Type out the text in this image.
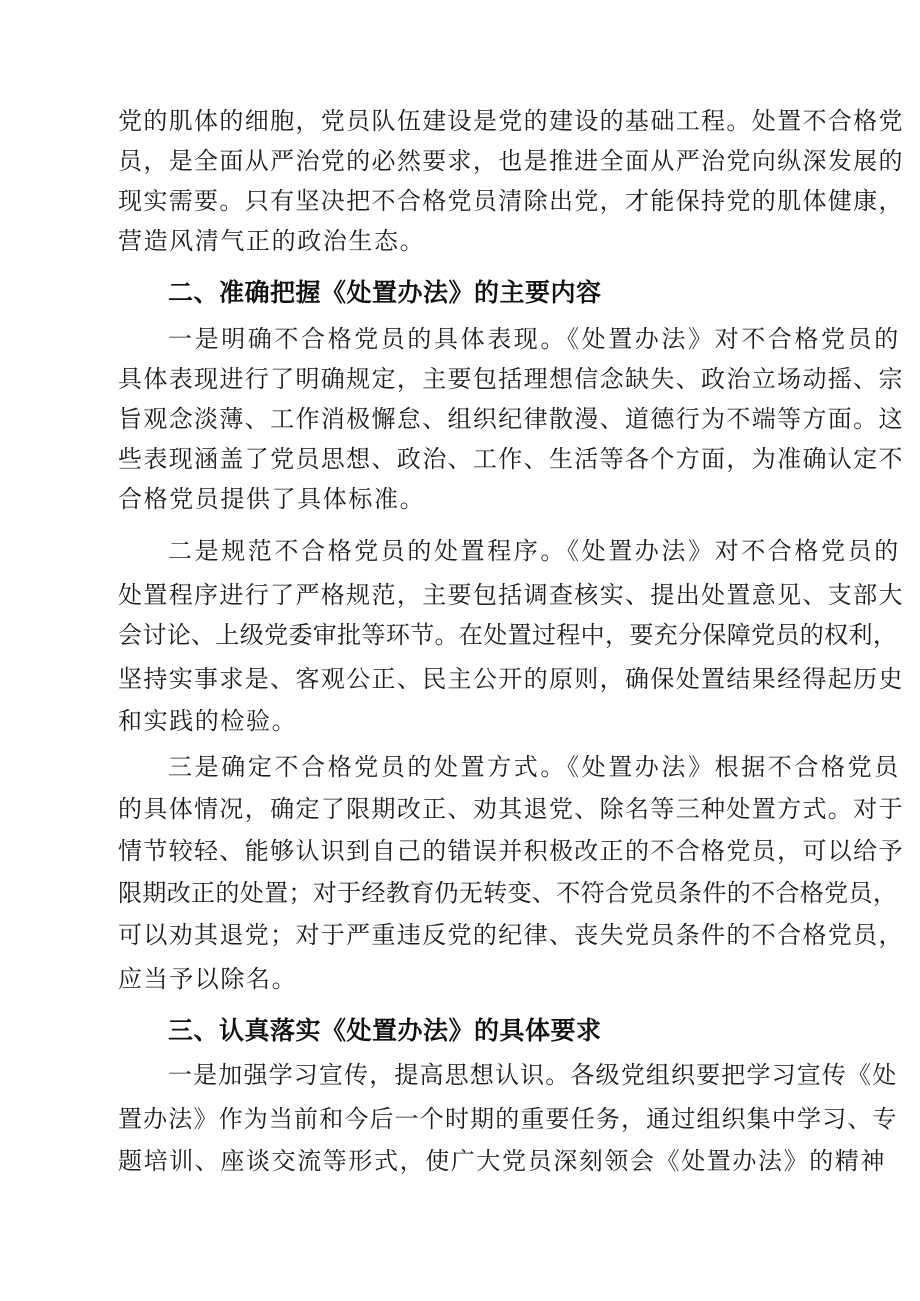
党的肌体的细胞，党员队伍建设是党的建设的基础工程。处置不合格党
员，是全面从严治党的必然要求，也是推进全面从严治党向纵深发展的
现实需要。只有坚决把不合格党员清除出党，才能保持党的肌体健康，
营造风清气正的政治生态。
二、准确把握《处置办法》的主要内容
一是明确不合格党员的具体表现。《处置办法》对不合格党员的
具体表现进行了明确规定，主要包括理想信念缺失、政治立场动摇、宗
旨观念淡薄、工作消极懈怠、组织纪律散漫、道德行为不端等方面。这
些表现涵盖了党员思想、政治、工作、生活等各个方面，为准确认定不
合格党员提供了具体标准。
二是规范不合格党员的处置程序。《处置办法》对不合格党员的
处置程序进行了严格规范，主要包括调查核实、提出处置意见、支部大
会讨论、上级党委审批等环节。在处置过程中，要充分保障党员的权利，
坚持实事求是、客观公正、民主公开的原则，确保处置结果经得起历史
和实践的检验。
三是确定不合格党员的处置方式。《处置办法》根据不合格党员
的具体情况，确定了限期改正、劝其退党、除名等三种处置方式。对于
情节较轻、能够认识到自己的错误并积极改正的不合格党员，可以给予
限期改正的处置；对于经教育仍无转变、不符合党员条件的不合格党员，
可以劝其退党；对于严重违反党的纪律、丧失党员条件的不合格党员，
应当予以除名。
三、认真落实《处置办法》的具体要求
一是加强学习宣传，提高思想认识。各级党组织要把学习宣传《处
置办法》作为当前和今后一个时期的重要任务，通过组织集中学习、专
题培训、座谈交流等形式，使广大党员深刻领会《处置办法》的精神
